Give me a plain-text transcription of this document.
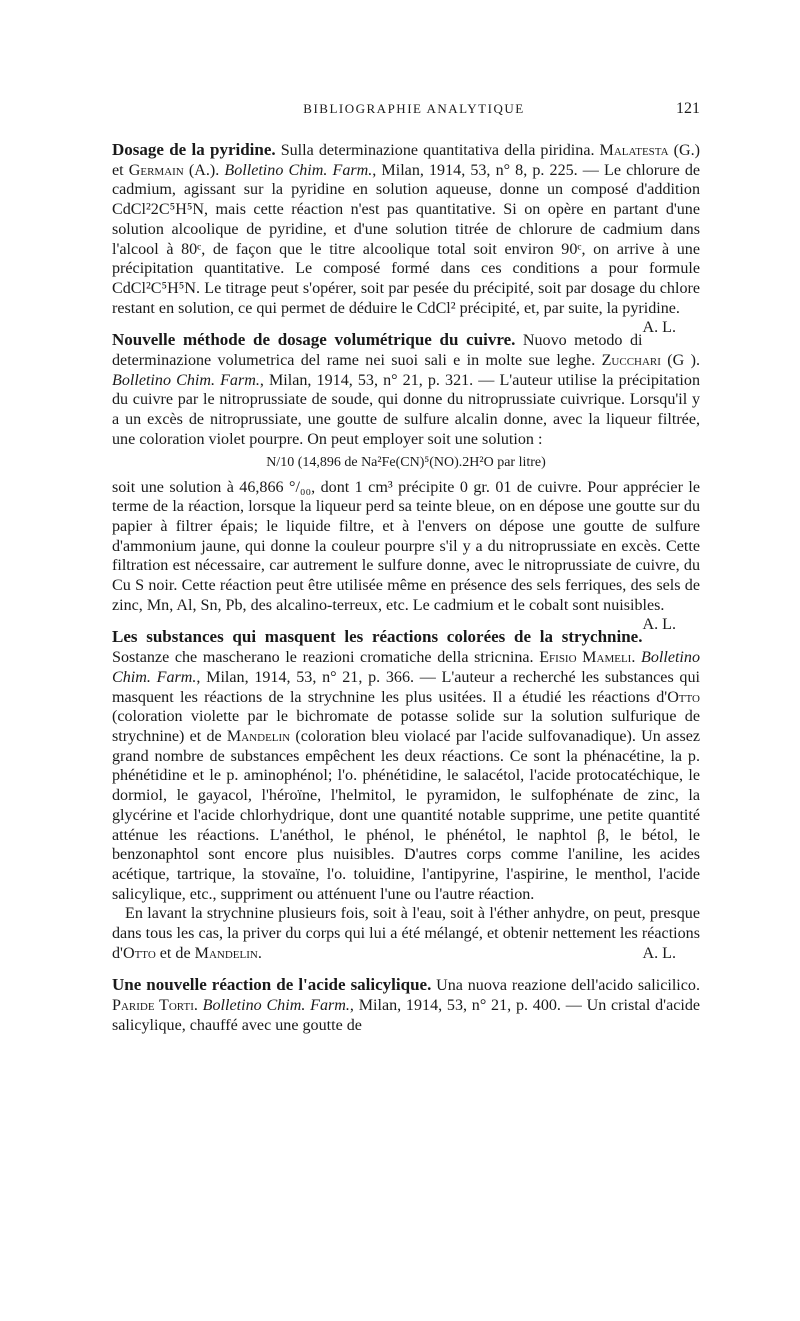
BIBLIOGRAPHIE ANALYTIQUE	121

Dosage de la pyridine. Sulla determinazione quantitativa della piridina. Malatesta (G.) et Germain (A.). Bolletino Chim. Farm., Milan, 1914, 53, n° 8, p. 225. — Le chlorure de cadmium, agissant sur la pyridine en solution aqueuse, donne un composé d'addition CdCl²2C⁵H⁵N, mais cette réaction n'est pas quantitative. Si on opère en partant d'une solution alcoolique de pyridine, et d'une solution titrée de chlorure de cadmium dans l'alcool à 80ᶜ, de façon que le titre alcoolique total soit environ 90ᶜ, on arrive à une précipitation quantitative. Le composé formé dans ces conditions a pour formule CdCl²C⁵H⁵N. Le titrage peut s'opérer, soit par pesée du précipité, soit par dosage du chlore restant en solution, ce qui permet de déduire le CdCl² précipité, et, par suite, la pyridine.
A. L.

Nouvelle méthode de dosage volumétrique du cuivre. Nuovo metodo di determinazione volumetrica del rame nei suoi sali e in molte sue leghe. Zucchari (G ). Bolletino Chim. Farm., Milan, 1914, 53, n° 21, p. 321. — L'auteur utilise la précipitation du cuivre par le nitroprussiate de soude, qui donne du nitroprussiate cuivrique. Lorsqu'il y a un excès de nitroprussiate, une goutte de sulfure alcalin donne, avec la liqueur filtrée, une coloration violet pourpre. On peut employer soit une solution :

N/10 (14,896 de Na²Fe(CN)⁵(NO).2H²O par litre)

soit une solution à 46,866 °/₀₀, dont 1 cm³ précipite 0 gr. 01 de cuivre. Pour apprécier le terme de la réaction, lorsque la liqueur perd sa teinte bleue, on en dépose une goutte sur du papier à filtrer épais; le liquide filtre, et à l'envers on dépose une goutte de sulfure d'ammonium jaune, qui donne la couleur pourpre s'il y a du nitroprussiate en excès. Cette filtration est nécessaire, car autrement le sulfure donne, avec le nitroprussiate de cuivre, du Cu S noir. Cette réaction peut être utilisée même en présence des sels ferriques, des sels de zinc, Mn, Al, Sn, Pb, des alcalino-terreux, etc. Le cadmium et le cobalt sont nuisibles.
A. L.

Les substances qui masquent les réactions colorées de la strychnine. Sostanze che mascherano le reazioni cromatiche della stricnina. Efisio Mameli. Bolletino Chim. Farm., Milan, 1914, 53, n° 21, p. 366. — L'auteur a recherché les substances qui masquent les réactions de la strychnine les plus usitées. Il a étudié les réactions d'Otto (coloration violette par le bichromate de potasse solide sur la solution sulfurique de strychnine) et de Mandelin (coloration bleu violacé par l'acide sulfovanadique). Un assez grand nombre de substances empêchent les deux réactions. Ce sont la phénacétine, la p. phénétidine et le p. aminophénol; l'o. phénétidine, le salacétol, l'acide protocatéchique, le dormiol, le gayacol, l'héroïne, l'helmitol, le pyramidon, le sulfophénate de zinc, la glycérine et l'acide chlorhydrique, dont une quantité notable supprime, une petite quantité atténue les réactions. L'anéthol, le phénol, le phénétol, le naphtol β, le bétol, le benzonaphtol sont encore plus nuisibles. D'autres corps comme l'aniline, les acides acétique, tartrique, la stovaïne, l'o. toluidine, l'antipyrine, l'aspirine, le menthol, l'acide salicylique, etc., suppriment ou atténuent l'une ou l'autre réaction.

En lavant la strychnine plusieurs fois, soit à l'eau, soit à l'éther anhydre, on peut, presque dans tous les cas, la priver du corps qui lui a été mélangé, et obtenir nettement les réactions d'Otto et de Mandelin.	A. L.

Une nouvelle réaction de l'acide salicylique. Una nuova reazione dell'acido salicilico. Paride Torti. Bolletino Chim. Farm., Milan, 1914, 53, n° 21, p. 400. — Un cristal d'acide salicylique, chauffé avec une goutte de
